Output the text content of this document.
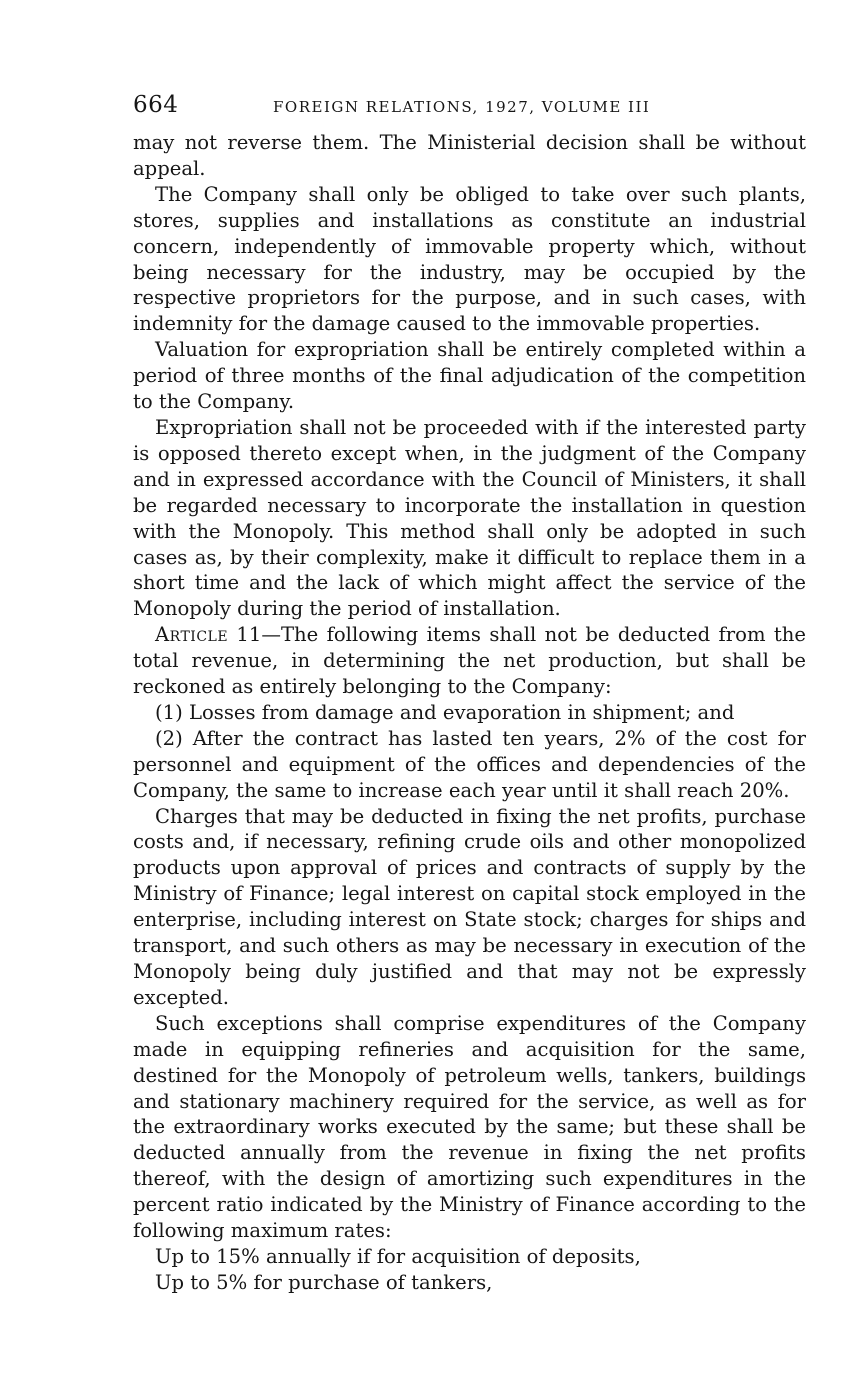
664	FOREIGN RELATIONS, 1927, VOLUME III

may not reverse them. The Ministerial decision shall be without appeal.

The Company shall only be obliged to take over such plants, stores, supplies and installations as constitute an industrial concern, independently of immovable property which, without being necessary for the industry, may be occupied by the respective proprietors for the purpose, and in such cases, with indemnity for the damage caused to the immovable properties.

Valuation for expropriation shall be entirely completed within a period of three months of the final adjudication of the competition to the Company.

Expropriation shall not be proceeded with if the interested party is opposed thereto except when, in the judgment of the Company and in expressed accordance with the Council of Ministers, it shall be regarded necessary to incorporate the installation in question with the Monopoly. This method shall only be adopted in such cases as, by their complexity, make it difficult to replace them in a short time and the lack of which might affect the service of the Monopoly during the period of installation.

Article 11—The following items shall not be deducted from the total revenue, in determining the net production, but shall be reckoned as entirely belonging to the Company:

(1) Losses from damage and evaporation in shipment; and

(2) After the contract has lasted ten years, 2% of the cost for personnel and equipment of the offices and dependencies of the Company, the same to increase each year until it shall reach 20%.

Charges that may be deducted in fixing the net profits, purchase costs and, if necessary, refining crude oils and other monopolized products upon approval of prices and contracts of supply by the Ministry of Finance; legal interest on capital stock employed in the enterprise, including interest on State stock; charges for ships and transport, and such others as may be necessary in execution of the Monopoly being duly justified and that may not be expressly excepted.

Such exceptions shall comprise expenditures of the Company made in equipping refineries and acquisition for the same, destined for the Monopoly of petroleum wells, tankers, buildings and stationary machinery required for the service, as well as for the extraordinary works executed by the same; but these shall be deducted annually from the revenue in fixing the net profits thereof, with the design of amortizing such expenditures in the percent ratio indicated by the Ministry of Finance according to the following maximum rates:

Up to 15% annually if for acquisition of deposits,

Up to 5% for purchase of tankers,
